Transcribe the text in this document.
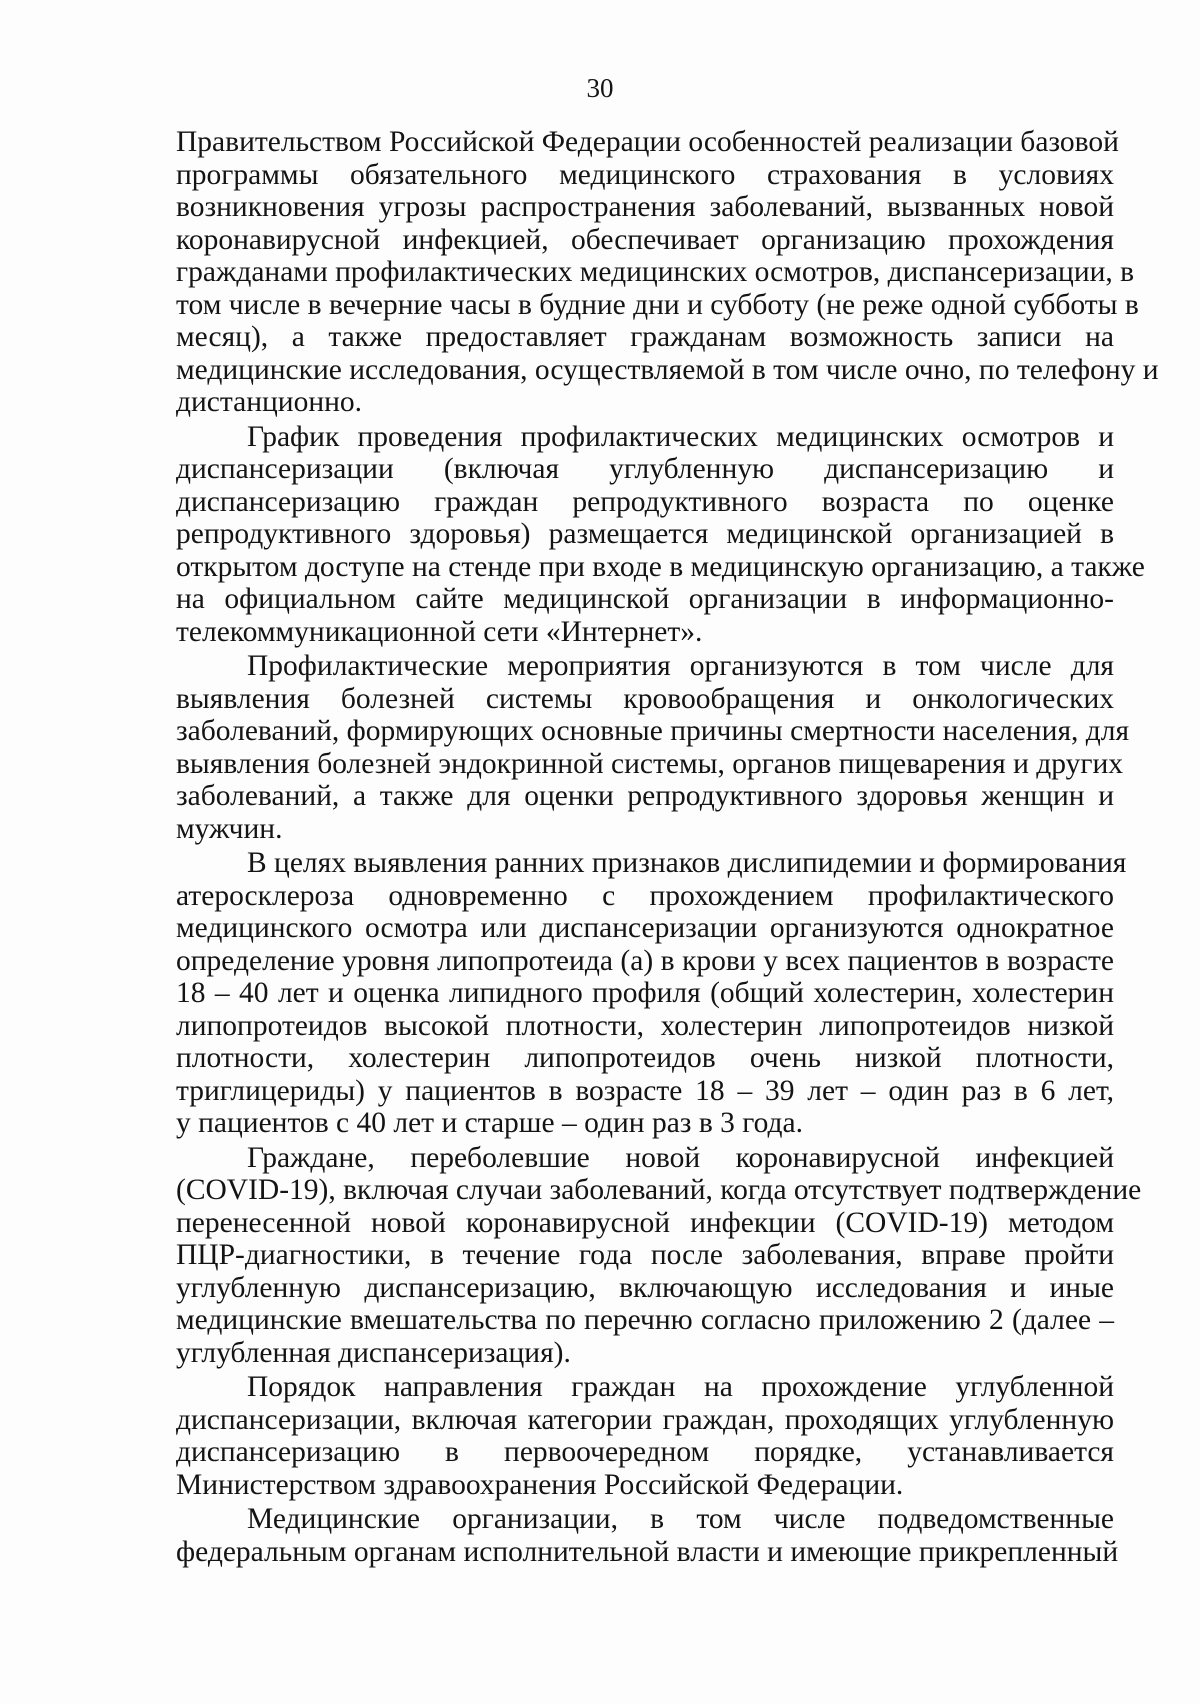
30
Правительством Российской Федерации особенностей реализации базовой
программы обязательного медицинского страхования в условиях
возникновения угрозы распространения заболеваний, вызванных новой
коронавирусной инфекцией, обеспечивает организацию прохождения
гражданами профилактических медицинских осмотров, диспансеризации, в
том числе в вечерние часы в будние дни и субботу (не реже одной субботы в
месяц), а также предоставляет гражданам возможность записи на
медицинские исследования, осуществляемой в том числе очно, по телефону и
дистанционно.
График проведения профилактических медицинских осмотров и
диспансеризации (включая углубленную диспансеризацию и
диспансеризацию граждан репродуктивного возраста по оценке
репродуктивного здоровья) размещается медицинской организацией в
открытом доступе на стенде при входе в медицинскую организацию, а также
на официальном сайте медицинской организации в информационно-
телекоммуникационной сети «Интернет».
Профилактические мероприятия организуются в том числе для
выявления болезней системы кровообращения и онкологических
заболеваний, формирующих основные причины смертности населения, для
выявления болезней эндокринной системы, органов пищеварения и других
заболеваний, а также для оценки репродуктивного здоровья женщин и
мужчин.
В целях выявления ранних признаков дислипидемии и формирования
атеросклероза одновременно с прохождением профилактического
медицинского осмотра или диспансеризации организуются однократное
определение уровня липопротеида (а) в крови у всех пациентов в возрасте
18 – 40 лет и оценка липидного профиля (общий холестерин, холестерин
липопротеидов высокой плотности, холестерин липопротеидов низкой
плотности, холестерин липопротеидов очень низкой плотности,
триглицериды) у пациентов в возрасте 18 – 39 лет – один раз в 6 лет,
у пациентов с 40 лет и старше – один раз в 3 года.
Граждане, переболевшие новой коронавирусной инфекцией
(COVID-19), включая случаи заболеваний, когда отсутствует подтверждение
перенесенной новой коронавирусной инфекции (COVID-19) методом
ПЦР-диагностики, в течение года после заболевания, вправе пройти
углубленную диспансеризацию, включающую исследования и иные
медицинские вмешательства по перечню согласно приложению 2 (далее –
углубленная диспансеризация).
Порядок направления граждан на прохождение углубленной
диспансеризации, включая категории граждан, проходящих углубленную
диспансеризацию в первоочередном порядке, устанавливается
Министерством здравоохранения Российской Федерации.
Медицинские организации, в том числе подведомственные
федеральным органам исполнительной власти и имеющие прикрепленный
